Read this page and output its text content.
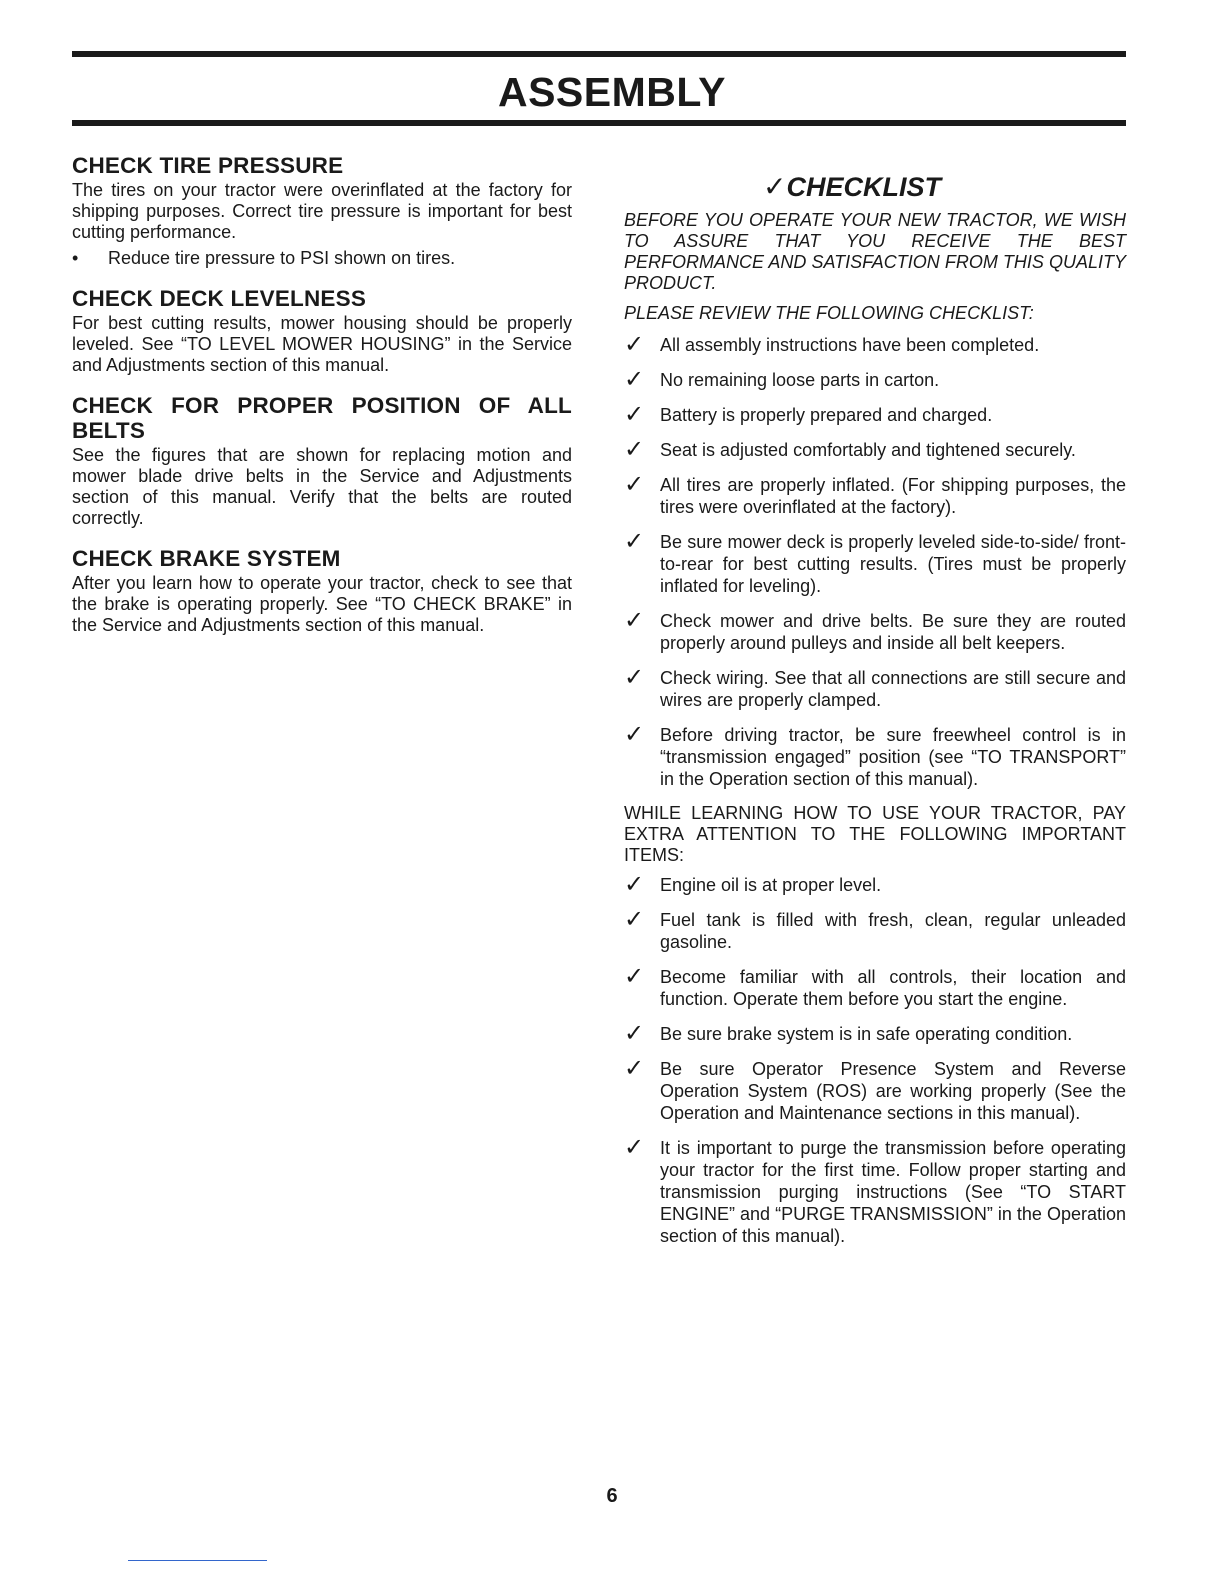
ASSEMBLY
CHECK TIRE PRESSURE

The tires on your tractor were overinflated at the factory for shipping purposes. Correct tire pressure is important for best cutting performance.

• Reduce tire pressure to PSI shown on tires.

CHECK DECK LEVELNESS

For best cutting results, mower housing should be properly leveled. See “TO LEVEL MOWER HOUSING” in the Service and Adjustments section of this manual.

CHECK FOR PROPER POSITION OF ALL BELTS

See the figures that are shown for replacing motion and mower blade drive belts in the Service and Adjustments section of this manual. Verify that the belts are routed correctly.

CHECK BRAKE SYSTEM

After you learn how to operate your tractor, check to see that the brake is operating properly. See “TO CHECK BRAKE” in the Service and Adjustments section of this manual.

✓CHECKLIST

BEFORE YOU OPERATE YOUR NEW TRACTOR, WE WISH TO ASSURE THAT YOU RECEIVE THE BEST PERFORMANCE AND SATISFACTION FROM THIS QUALITY PRODUCT.

PLEASE REVIEW THE FOLLOWING CHECKLIST:

✓ All assembly instructions have been completed.
✓ No remaining loose parts in carton.
✓ Battery is properly prepared and charged.
✓ Seat is adjusted comfortably and tightened securely.
✓ All tires are properly inflated. (For shipping purposes, the tires were overinflated at the factory).
✓ Be sure mower deck is properly leveled side-to-side/ front-to-rear for best cutting results. (Tires must be properly inflated for leveling).
✓ Check mower and drive belts. Be sure they are routed properly around pulleys and inside all belt keepers.
✓ Check wiring. See that all connections are still secure and wires are properly clamped.
✓ Before driving tractor, be sure freewheel control is in “transmission engaged” position (see “TO TRANSPORT” in the Operation section of this manual).

WHILE LEARNING HOW TO USE YOUR TRACTOR, PAY EXTRA ATTENTION TO THE FOLLOWING IMPORTANT ITEMS:

✓ Engine oil is at proper level.
✓ Fuel tank is filled with fresh, clean, regular unleaded gasoline.
✓ Become familiar with all controls, their location and function. Operate them before you start the engine.
✓ Be sure brake system is in safe operating condition.
✓ Be sure Operator Presence System and Reverse Operation System (ROS) are working properly (See the Operation and Maintenance sections in this manual).
✓ It is important to purge the transmission before operating your tractor for the first time. Follow proper starting and transmission purging instructions (See “TO START ENGINE” and “PURGE TRANSMISSION” in the Operation section of this manual).

6
